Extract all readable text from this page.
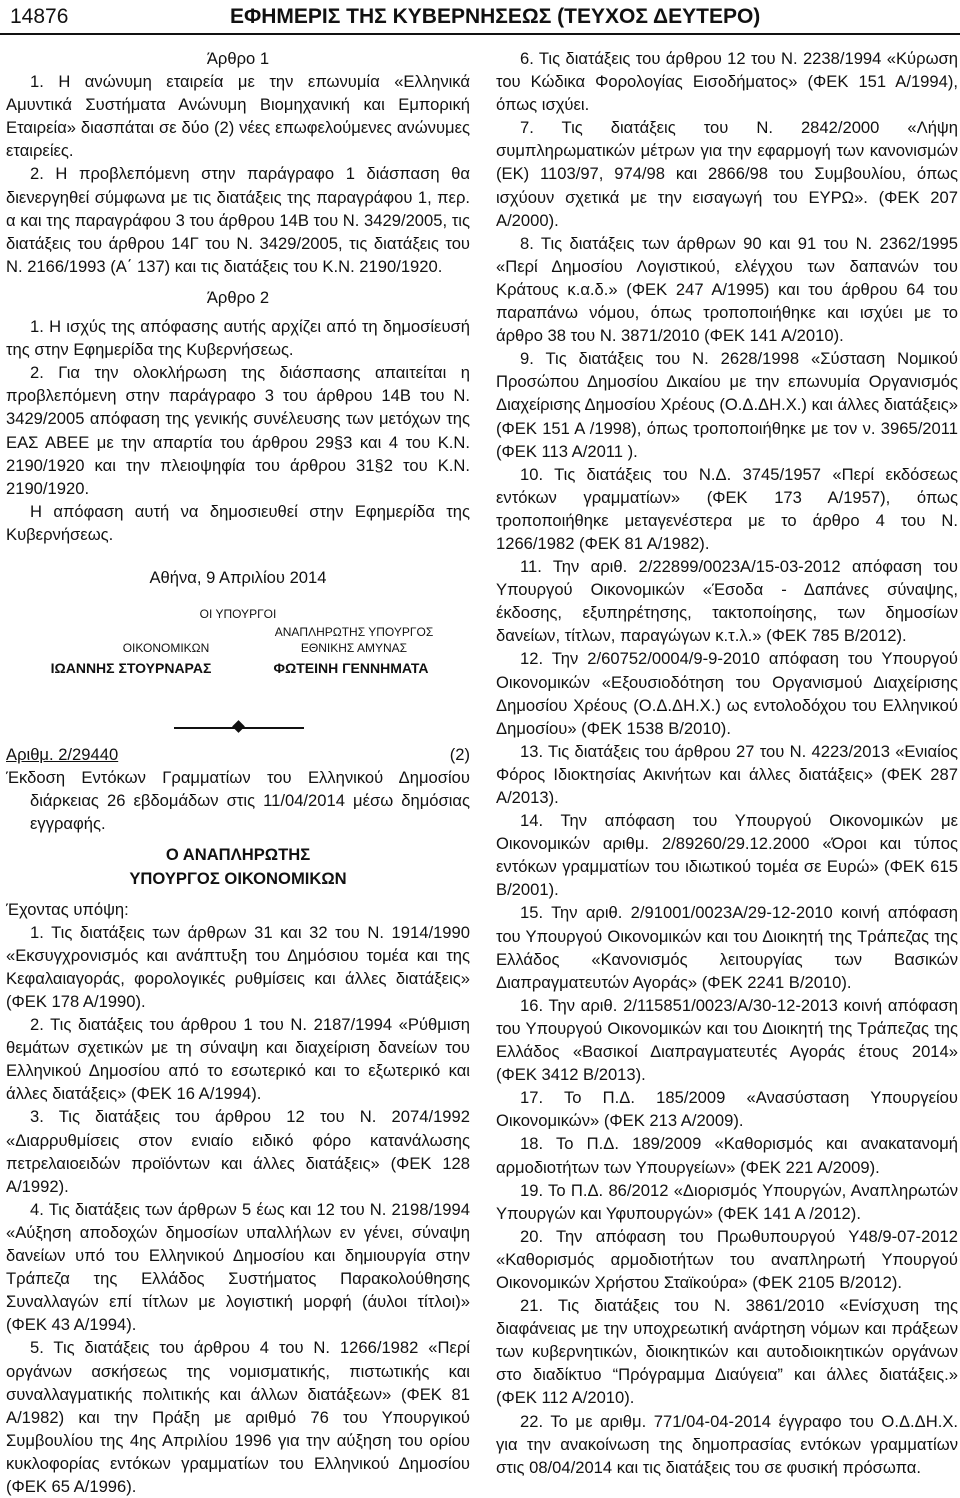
14876	ΕΦΗΜΕΡΙΣ ΤΗΣ ΚΥΒΕΡΝΗΣΕΩΣ (ΤΕΥΧΟΣ ΔΕΥΤΕΡΟ)

Άρθρο 1

1. Η ανώνυμη εταιρεία με την επωνυμία «Ελληνικά Αμυντικά Συστήματα Ανώνυμη Βιομηχανική και Εμπορική Εταιρεία» διασπάται σε δύο (2) νέες επωφελούμενες ανώνυμες εταιρείες.

2. Η προβλεπόμενη στην παράγραφο 1 διάσπαση θα διενεργηθεί σύμφωνα με τις διατάξεις της παραγράφου 1, περ. α και της παραγράφου 3 του άρθρου 14Β του Ν. 3429/2005, τις διατάξεις του άρθρου 14Γ του Ν. 3429/2005, τις διατάξεις του Ν. 2166/1993 (Α΄ 137) και τις διατάξεις του Κ.Ν. 2190/1920.

Άρθρο 2

1. Η ισχύς της απόφασης αυτής αρχίζει από τη δημοσίευσή της στην Εφημερίδα της Κυβερνήσεως.

2. Για την ολοκλήρωση της διάσπασης απαιτείται η προβλεπόμενη στην παράγραφο 3 του άρθρου 14Β του Ν. 3429/2005 απόφαση της γενικής συνέλευσης των μετόχων της ΕΑΣ ΑΒΕΕ με την απαρτία του άρθρου 29§3 και 4 του Κ.Ν. 2190/1920 και την πλειοψηφία του άρθρου 31§2 του Κ.Ν. 2190/1920.

Η απόφαση αυτή να δημοσιευθεί στην Εφημερίδα της Κυβερνήσεως.

Αθήνα, 9 Απριλίου 2014

ΟΙ ΥΠΟΥΡΓΟΙ
ΑΝΑΠΛΗΡΩΤΗΣ ΥΠΟΥΡΓΟΣ
ΟΙΚΟΝΟΜΙΚΩΝ	ΕΘΝΙΚΗΣ ΑΜΥΝΑΣ
ΙΩΑΝΝΗΣ ΣΤΟΥΡΝΑΡΑΣ	ΦΩΤΕΙΝΗ ΓΕΝΝΗΜΑΤΑ
Αριθμ. 2/29440	(2)

Έκδοση Εντόκων Γραμματίων του Ελληνικού Δημοσίου διάρκειας 26 εβδομάδων στις 11/04/2014 μέσω δημόσιας εγγραφής.

Ο ΑΝΑΠΛΗΡΩΤΗΣ
ΥΠΟΥΡΓΟΣ ΟΙΚΟΝΟΜΙΚΩΝ

Έχοντας υπόψη:

1. Τις διατάξεις των άρθρων 31 και 32 του Ν. 1914/1990 «Εκσυγχρονισμός και ανάπτυξη του Δημόσιου τομέα και της Κεφαλαιαγοράς, φορολογικές ρυθμίσεις και άλλες διατάξεις» (ΦΕΚ 178 Α/1990).

2. Τις διατάξεις του άρθρου 1 του Ν. 2187/1994 «Ρύθμιση θεμάτων σχετικών με τη σύναψη και διαχείριση δανείων του Ελληνικού Δημοσίου από το εσωτερικό και το εξωτερικό και άλλες διατάξεις» (ΦΕΚ 16 Α/1994).

3. Τις διατάξεις του άρθρου 12 του Ν. 2074/1992 «Διαρρυθμίσεις στον ενιαίο ειδικό φόρο κατανάλωσης πετρελαιοειδών προϊόντων και άλλες διατάξεις» (ΦΕΚ 128 Α/1992).

4. Τις διατάξεις των άρθρων 5 έως και 12 του Ν. 2198/1994 «Αύξηση αποδοχών δημοσίων υπαλλήλων εν γένει, σύναψη δανείων υπό του Ελληνικού Δημοσίου και δημιουργία στην Τράπεζα της Ελλάδος Συστήματος Παρακολούθησης Συναλλαγών επί τίτλων με λογιστική μορφή (άυλοι τίτλοι)» (ΦΕΚ 43 Α/1994).

5. Τις διατάξεις του άρθρου 4 του Ν. 1266/1982 «Περί οργάνων ασκήσεως της νομισματικής, πιστωτικής και συναλλαγματικής πολιτικής και άλλων διατάξεων» (ΦΕΚ 81 Α/1982) και την Πράξη με αριθμό 76 του Υπουργικού Συμβουλίου της 4ης Απριλίου 1996 για την αύξηση του ορίου κυκλοφορίας εντόκων γραμματίων του Ελληνικού Δημοσίου (ΦΕΚ 65 Α/1996).

6. Τις διατάξεις του άρθρου 12 του Ν. 2238/1994 «Κύρωση του Κώδικα Φορολογίας Εισοδήματος» (ΦΕΚ 151 Α/1994), όπως ισχύει.

7. Τις διατάξεις του Ν. 2842/2000 «Λήψη συμπληρωματικών μέτρων για την εφαρμογή των κανονισμών (ΕΚ) 1103/97, 974/98 και 2866/98 του Συμβουλίου, όπως ισχύουν σχετικά με την εισαγωγή του ΕΥΡΩ». (ΦΕΚ 207 Α/2000).

8. Τις διατάξεις των άρθρων 90 και 91 του Ν. 2362/1995 «Περί Δημοσίου Λογιστικού, ελέγχου των δαπανών του Κράτους κ.α.δ.» (ΦΕΚ 247 Α/1995) και του άρθρου 64 του παραπάνω νόμου, όπως τροποποιήθηκε και ισχύει με το άρθρο 38 του Ν. 3871/2010 (ΦΕΚ 141 Α/2010).

9. Τις διατάξεις του Ν. 2628/1998 «Σύσταση Νομικού Προσώπου Δημοσίου Δικαίου με την επωνυμία Οργανισμός Διαχείρισης Δημοσίου Χρέους (Ο.Δ.ΔΗ.Χ.) και άλλες διατάξεις» (ΦΕΚ 151 Α /1998), όπως τροποποιήθηκε με τον ν. 3965/2011 (ΦΕΚ 113 Α/2011 ).

10. Τις διατάξεις του Ν.Δ. 3745/1957 «Περί εκδόσεως εντόκων γραμματίων» (ΦΕΚ 173 Α/1957), όπως τροποποιήθηκε μεταγενέστερα με το άρθρο 4 του Ν. 1266/1982 (ΦΕΚ 81 Α/1982).

11. Την αριθ. 2/22899/0023Α/15-03-2012 απόφαση του Υπουργού Οικονομικών «Έσοδα - Δαπάνες σύναψης, έκδοσης, εξυπηρέτησης, τακτοποίησης, των δημοσίων δανείων, τίτλων, παραγώγων κ.τ.λ.» (ΦΕΚ 785 Β/2012).

12. Την 2/60752/0004/9-9-2010 απόφαση του Υπουργού Οικονομικών «Εξουσιοδότηση του Οργανισμού Διαχείρισης Δημοσίου Χρέους (Ο.Δ.ΔΗ.Χ.) ως εντολοδόχου του Ελληνικού Δημοσίου» (ΦΕΚ 1538 Β/2010).

13. Τις διατάξεις του άρθρου 27 του Ν. 4223/2013 «Ενιαίος Φόρος Ιδιοκτησίας Ακινήτων και άλλες διατάξεις» (ΦΕΚ 287 Α/2013).

14. Την απόφαση του Υπουργού Οικονομικών με Οικονομικών αριθμ. 2/89260/29.12.2000 «Όροι και τύπος εντόκων γραμματίων του ιδιωτικού τομέα σε Ευρώ» (ΦΕΚ 615 Β/2001).

15. Την αριθ. 2/91001/0023Α/29-12-2010 κοινή απόφαση του Υπουργού Οικονομικών και του Διοικητή της Τράπεζας της Ελλάδος «Κανονισμός λειτουργίας των Βασικών Διαπραγματευτών Αγοράς» (ΦΕΚ 2241 Β/2010).

16. Την αριθ. 2/115851/0023/Α/30-12-2013 κοινή απόφαση του Υπουργού Οικονομικών και του Διοικητή της Τράπεζας της Ελλάδος «Βασικοί Διαπραγματευτές Αγοράς έτους 2014» (ΦΕΚ 3412 Β/2013).

17. Το Π.Δ. 185/2009 «Ανασύσταση Υπουργείου Οικονομικών» (ΦΕΚ 213 Α/2009).

18. Το Π.Δ. 189/2009 «Καθορισμός και ανακατανομή αρμοδιοτήτων των Υπουργείων» (ΦΕΚ 221 Α/2009).

19. Το Π.Δ. 86/2012 «Διορισμός Υπουργών, Αναπληρωτών Υπουργών και Υφυπουργών» (ΦΕΚ 141 Α /2012).

20. Την απόφαση του Πρωθυπουργού Υ48/9-07-2012 «Καθορισμός αρμοδιοτήτων του αναπληρωτή Υπουργού Οικονομικών Χρήστου Σταϊκούρα» (ΦΕΚ 2105 Β/2012).

21. Τις διατάξεις του Ν. 3861/2010 «Ενίσχυση της διαφάνειας με την υποχρεωτική ανάρτηση νόμων και πράξεων των κυβερνητικών, διοικητικών και αυτοδιοικητικών οργάνων στο διαδίκτυο “Πρόγραμμα Διαύγεια” και άλλες διατάξεις.» (ΦΕΚ 112 Α/2010).

22. Το με αριθμ. 771/04-04-2014 έγγραφο του Ο.Δ.ΔΗ.Χ. για την ανακοίνωση της δημοπρασίας εντόκων γραμματίων στις 08/04/2014 και τις διατάξεις του σε φυσική πρόσωπα.
